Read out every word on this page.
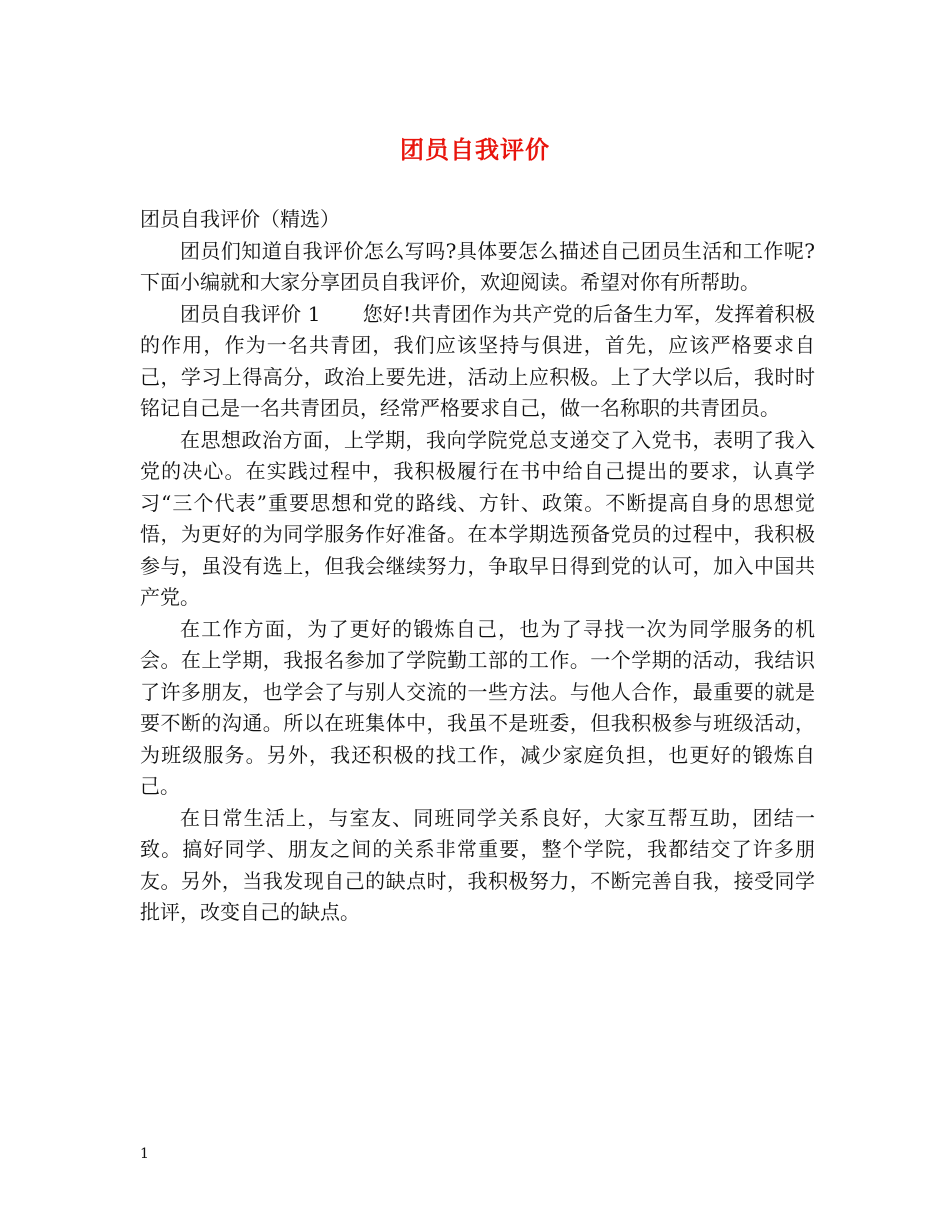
团员自我评价

团员自我评价（精选）

团员们知道自我评价怎么写吗?具体要怎么描述自己团员生活和工作呢?下面小编就和大家分享团员自我评价，欢迎阅读。希望对你有所帮助。

团员自我评价 1 您好!共青团作为共产党的后备生力军，发挥着积极的作用，作为一名共青团，我们应该坚持与俱进，首先，应该严格要求自己，学习上得高分，政治上要先进，活动上应积极。上了大学以后，我时时铭记自己是一名共青团员，经常严格要求自己，做一名称职的共青团员。

在思想政治方面，上学期，我向学院党总支递交了入党书，表明了我入党的决心。在实践过程中，我积极履行在书中给自己提出的要求，认真学习“三个代表”重要思想和党的路线、方针、政策。不断提高自身的思想觉悟，为更好的为同学服务作好准备。在本学期选预备党员的过程中，我积极参与，虽没有选上，但我会继续努力，争取早日得到党的认可，加入中国共产党。

在工作方面，为了更好的锻炼自己，也为了寻找一次为同学服务的机会。在上学期，我报名参加了学院勤工部的工作。一个学期的活动，我结识了许多朋友，也学会了与别人交流的一些方法。与他人合作，最重要的就是要不断的沟通。所以在班集体中，我虽不是班委，但我积极参与班级活动，为班级服务。另外，我还积极的找工作，减少家庭负担，也更好的锻炼自己。

在日常生活上，与室友、同班同学关系良好，大家互帮互助，团结一致。搞好同学、朋友之间的关系非常重要，整个学院，我都结交了许多朋友。另外，当我发现自己的缺点时，我积极努力，不断完善自我，接受同学批评，改变自己的缺点。

1
